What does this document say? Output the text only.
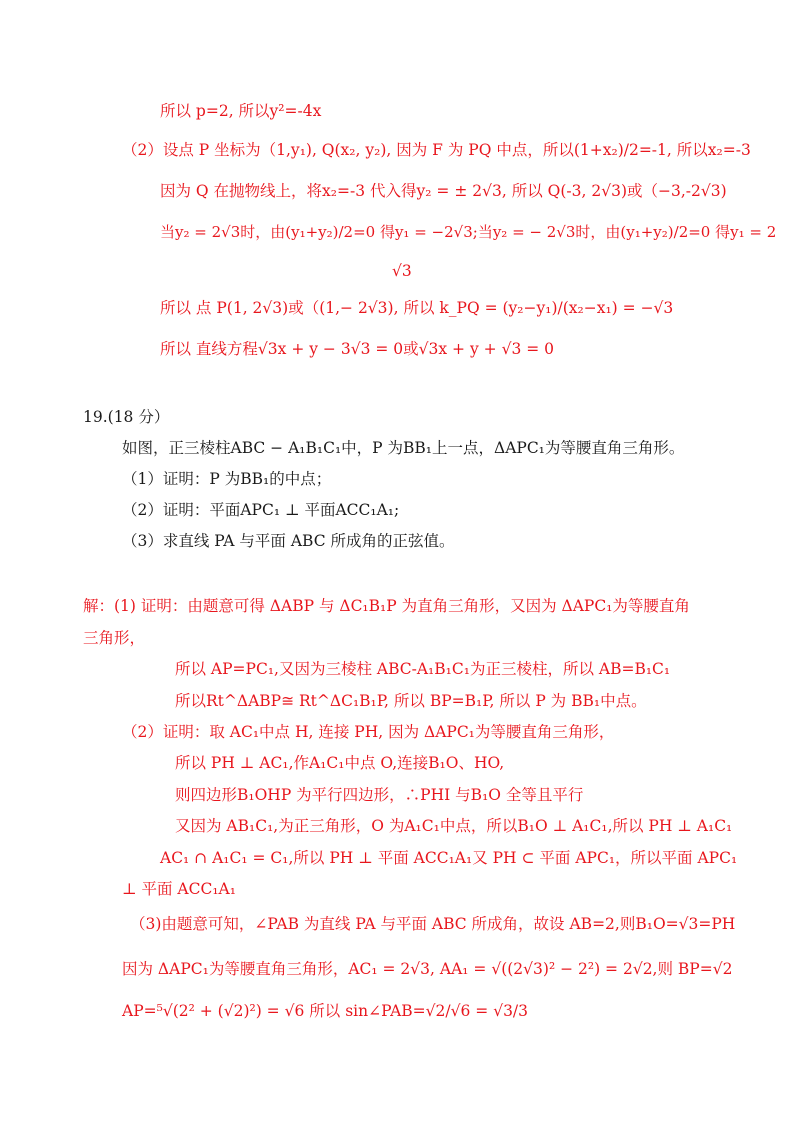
所以 p=2, 所以y²=-4x
（2）设点 P 坐标为（1,y₁), Q(x₂, y₂), 因为 F 为 PQ 中点，所以(1+x₂)/2=-1, 所以x₂=-3
因为 Q 在抛物线上，将x₂=-3 代入得y₂ = ± 2√3, 所以 Q(-3, 2√3)或（−3,-2√3)
当y₂ = 2√3时，由(y₁+y₂)/2=0 得y₁ = −2√3;当y₂ = − 2√3时，由(y₁+y₂)/2=0 得y₁ = 2
√3
所以 点 P(1, 2√3)或（(1,− 2√3), 所以 k_PQ = (y₂−y₁)/(x₂−x₁) = −√3
所以 直线方程√3x + y − 3√3 = 0或√3x + y + √3 = 0
19.(18 分）
如图，正三棱柱ABC − A₁B₁C₁中，P 为BB₁上一点，ΔAPC₁为等腰直角三角形。
（1）证明：P 为BB₁的中点；
（2）证明：平面APC₁ ⊥ 平面ACC₁A₁;
（3）求直线 PA 与平面 ABC 所成角的正弦值。
解：(1) 证明：由题意可得 ΔABP 与 ΔC₁B₁P 为直角三角形，又因为 ΔAPC₁为等腰直角
三角形，
所以 AP=PC₁,又因为三棱柱 ABC-A₁B₁C₁为正三棱柱，所以 AB=B₁C₁
所以Rt^ΔABP≅ Rt^ΔC₁B₁P, 所以 BP=B₁P, 所以 P 为 BB₁中点。
（2）证明：取 AC₁中点 H, 连接 PH, 因为 ΔAPC₁为等腰直角三角形，
所以 PH ⊥ AC₁,作A₁C₁中点 O,连接B₁O、HO,
则四边形B₁OHP 为平行四边形，∴PHI 与B₁O 全等且平行
又因为 AB₁C₁,为正三角形，O 为A₁C₁中点，所以B₁O ⊥ A₁C₁,所以 PH ⊥ A₁C₁
AC₁ ∩ A₁C₁ = C₁,所以 PH ⊥ 平面 ACC₁A₁又 PH ⊂ 平面 APC₁，所以平面 APC₁
⊥ 平面 ACC₁A₁
（3)由题意可知，∠PAB 为直线 PA 与平面 ABC 所成角，故设 AB=2,则B₁O=√3=PH
因为 ΔAPC₁为等腰直角三角形，AC₁ = 2√3, AA₁ = √((2√3)² − 2²) = 2√2,则 BP=√2
AP=⁵√(2² + (√2)²) = √6 所以 sin∠PAB=√2/√6 = √3/3
